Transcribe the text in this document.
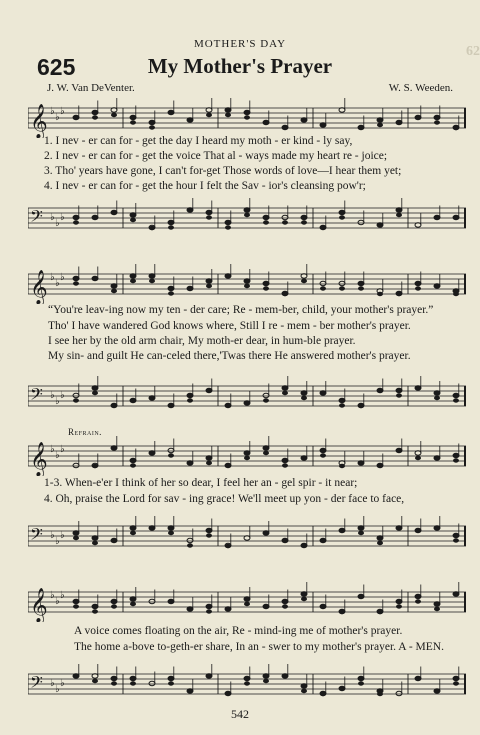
62
MOTHER'S DAY
625	My Mother's Prayer
J. W. Van DeVenter.	W. S. Weeden.
𝄞 ♭
♭
♭
1. I nev - er can for - get the day I heard my moth - er kind - ly say,
2. I nev - er can for - get the voice That al - ways made my heart re - joice;
3. Tho' years have gone, I can't for-get Those words of love—I hear them yet;
4. I nev - er can for - get the hour I felt the Sav - ior's cleansing pow'r;
𝄢 ♭
♭
♭
𝄞 ♭
♭
♭
“You're leav-ing now my ten - der care; Re - mem-ber, child, your mother's prayer.”
Tho' I have wandered God knows where, Still I re - mem - ber mother's prayer.
I see her by the old arm chair, My moth-er dear, in hum-ble prayer.
My sin- and guilt He can-celed there,'Twas there He answered mother's prayer.
𝄢 ♭
♭
♭
Refrain.
𝄞 ♭
♭
♭
1-3. When-e'er I think of her so dear, I feel her an - gel spir - it near;
4. Oh, praise the Lord for sav - ing grace! We'll meet up yon - der face to face,
𝄢 ♭
♭
♭
𝄞 ♭
♭
♭
A voice comes floating on the air, Re - mind-ing me of mother's prayer.
The home a-bove to-geth-er share, In an - swer to my mother's prayer. A - MEN.
𝄢 ♭
♭
♭
542
